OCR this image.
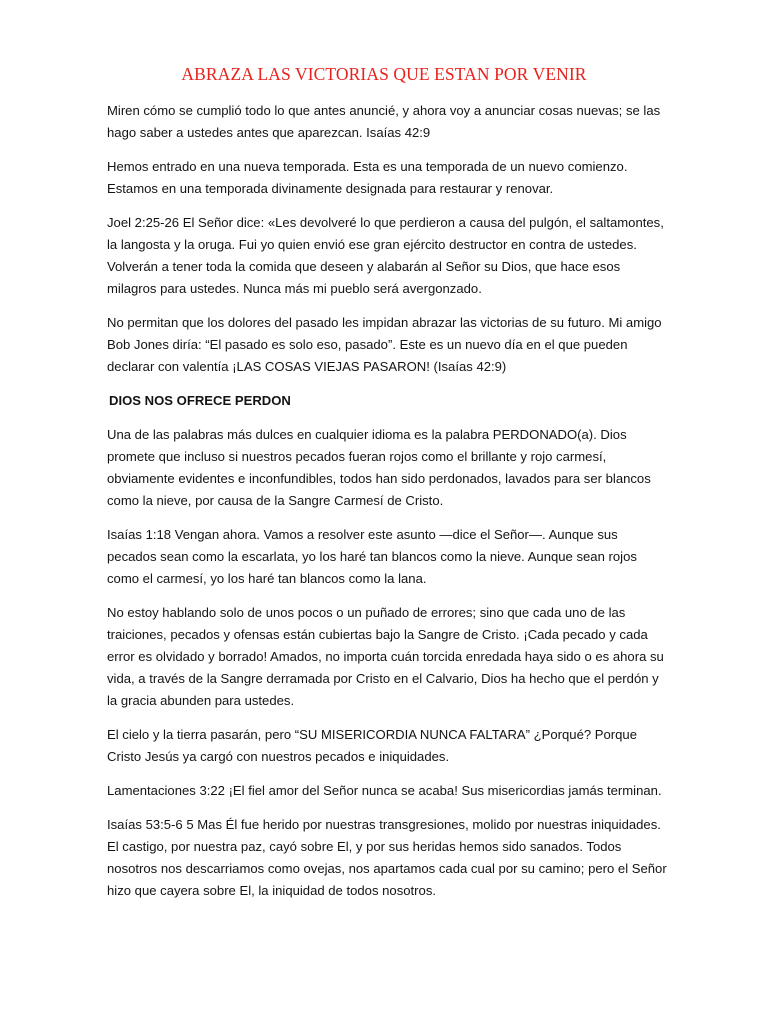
ABRAZA LAS VICTORIAS QUE ESTAN POR VENIR

Miren cómo se cumplió todo lo que antes anuncié, y ahora voy a anunciar cosas nuevas; se las hago saber a ustedes antes que aparezcan. Isaías 42:9

Hemos entrado en una nueva temporada. Esta es una temporada de un nuevo comienzo. Estamos en una temporada divinamente designada para restaurar y renovar.

Joel 2:25-26 El Señor dice: «Les devolveré lo que perdieron a causa del pulgón, el saltamontes, la langosta y la oruga. Fui yo quien envió ese gran ejército destructor en contra de ustedes. Volverán a tener toda la comida que deseen y alabarán al Señor su Dios, que hace esos milagros para ustedes. Nunca más mi pueblo será avergonzado.

No permitan que los dolores del pasado les impidan abrazar las victorias de su futuro. Mi amigo Bob Jones diría: “El pasado es solo eso, pasado”. Este es un nuevo día en el que pueden declarar con valentía ¡LAS COSAS VIEJAS PASARON! (Isaías 42:9)

DIOS NOS OFRECE PERDON

Una de las palabras más dulces en cualquier idioma es la palabra PERDONADO(a). Dios promete que incluso si nuestros pecados fueran rojos como el brillante y rojo carmesí, obviamente evidentes e inconfundibles, todos han sido perdonados, lavados para ser blancos como la nieve, por causa de la Sangre Carmesí de Cristo.

Isaías 1:18 Vengan ahora. Vamos a resolver este asunto —dice el Señor—. Aunque sus pecados sean como la escarlata, yo los haré tan blancos como la nieve. Aunque sean rojos como el carmesí, yo los haré tan blancos como la lana.

No estoy hablando solo de unos pocos o un puñado de errores; sino que cada uno de las traiciones, pecados y ofensas están cubiertas bajo la Sangre de Cristo. ¡Cada pecado y cada error es olvidado y borrado! Amados, no importa cuán torcida enredada haya sido o es ahora su vida, a través de la Sangre derramada por Cristo en el Calvario, Dios ha hecho que el perdón y la gracia abunden para ustedes.

El cielo y la tierra pasarán, pero “SU MISERICORDIA NUNCA FALTARA” ¿Porqué? Porque Cristo Jesús ya cargó con nuestros pecados e iniquidades.

Lamentaciones 3:22 ¡El fiel amor del Señor nunca se acaba! Sus misericordias jamás terminan.

Isaías 53:5-6 5 Mas Él fue herido por nuestras transgresiones, molido por nuestras iniquidades. El castigo, por nuestra paz, cayó sobre El, y por sus heridas hemos sido sanados. Todos nosotros nos descarriamos como ovejas, nos apartamos cada cual por su camino; pero el Señor hizo que cayera sobre El, la iniquidad de todos nosotros.
